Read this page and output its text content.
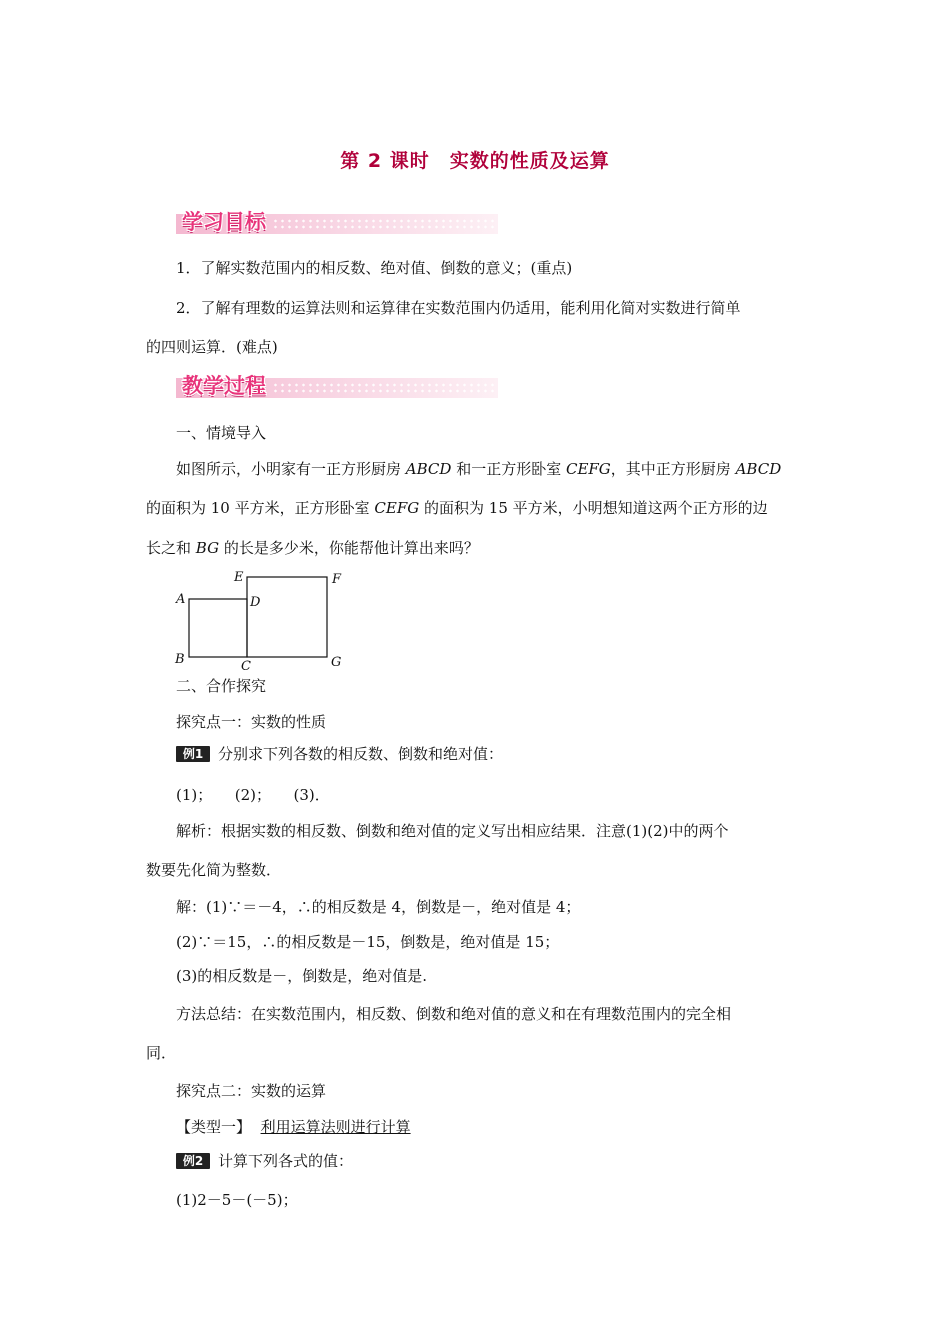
第 2 课时　实数的性质及运算
学习目标
1．了解实数范围内的相反数、绝对值、倒数的意义；(重点)
2．了解有理数的运算法则和运算律在实数范围内仍适用，能利用化简对实数进行简单
的四则运算．(难点)
教学过程
一、情境导入
如图所示，小明家有一正方形厨房 ABCD 和一正方形卧室 CEFG，其中正方形厨房 ABCD
的面积为 10 平方米，正方形卧室 CEFG 的面积为 15 平方米，小明想知道这两个正方形的边
长之和 BG 的长是多少米，你能帮他计算出来吗？
A
B	C
D
E	F
G
二、合作探究
探究点一：实数的性质
例1 分别求下列各数的相反数、倒数和绝对值：
(1)；　　(2)；　　(3)．
解析：根据实数的相反数、倒数和绝对值的定义写出相应结果．注意(1)(2)中的两个
数要先化简为整数．
解：(1)∵＝－4，∴的相反数是 4，倒数是－，绝对值是 4；
(2)∵＝15，∴的相反数是－15，倒数是，绝对值是 15；
(3)的相反数是－，倒数是，绝对值是.
方法总结：在实数范围内，相反数、倒数和绝对值的意义和在有理数范围内的完全相
同．
探究点二：实数的运算
【类型一】 利用运算法则进行计算
例2 计算下列各式的值：
(1)2－5－(－5)；
